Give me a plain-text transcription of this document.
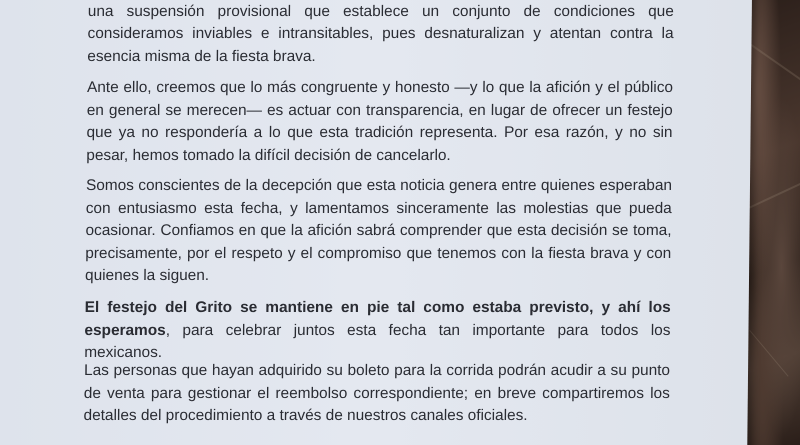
una suspensión provisional que establece un conjunto de condiciones que consideramos inviables e intransitables, pues desnaturalizan y atentan contra la esencia misma de la fiesta brava.

Ante ello, creemos que lo más congruente y honesto —y lo que la afición y el público en general se merecen— es actuar con transparencia, en lugar de ofrecer un festejo que ya no respondería a lo que esta tradición representa. Por esa razón, y no sin pesar, hemos tomado la difícil decisión de cancelarlo.

Somos conscientes de la decepción que esta noticia genera entre quienes esperaban con entusiasmo esta fecha, y lamentamos sinceramente las molestias que pueda ocasionar. Confiamos en que la afición sabrá comprender que esta decisión se toma, precisamente, por el respeto y el compromiso que tenemos con la fiesta brava y con quienes la siguen.

El festejo del Grito se mantiene en pie tal como estaba previsto, y ahí los esperamos, para celebrar juntos esta fecha tan importante para todos los mexicanos.

Las personas que hayan adquirido su boleto para la corrida podrán acudir a su punto de venta para gestionar el reembolso correspondiente; en breve compartiremos los detalles del procedimiento a través de nuestros canales oficiales.
